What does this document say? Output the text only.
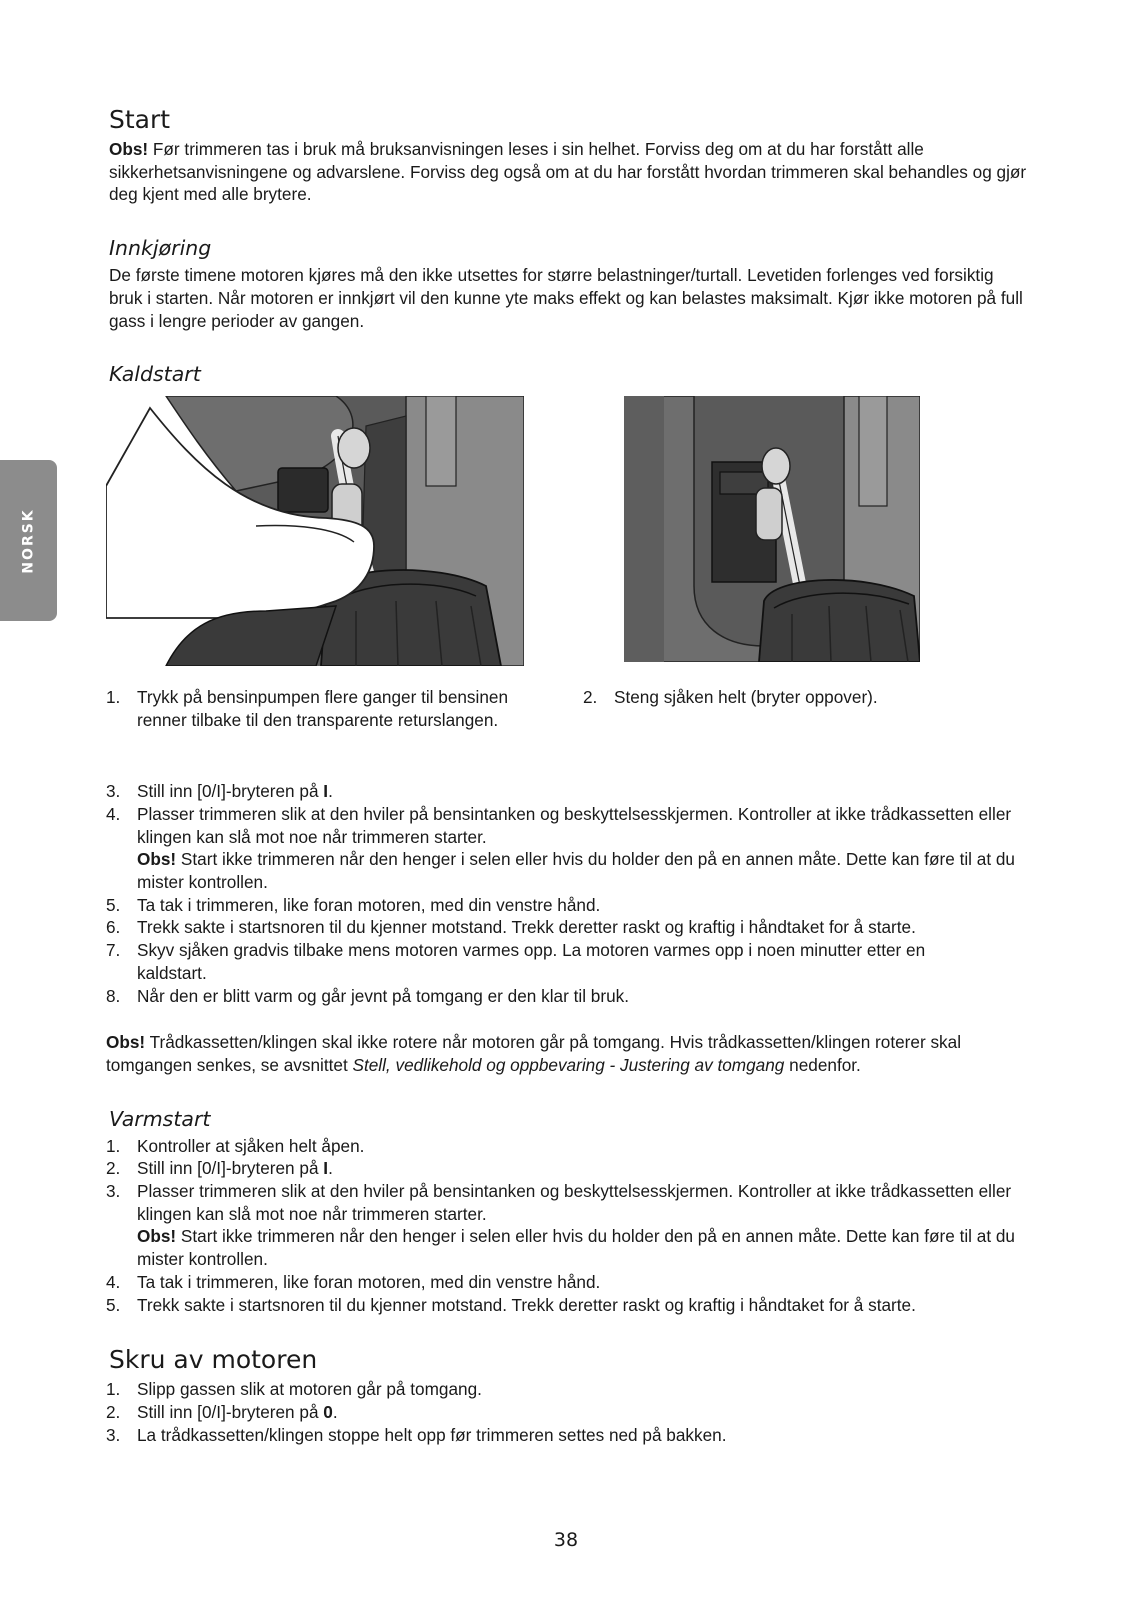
NORSK
Start

Obs! Før trimmeren tas i bruk må bruksanvisningen leses i sin helhet. Forviss deg om at du har forstått alle sikkerhetsanvisningene og advarslene. Forviss deg også om at du har forstått hvordan trimmeren skal behandles og gjør deg kjent med alle brytere.

Innkjøring

De første timene motoren kjøres må den ikke utsettes for større belastninger/turtall. Levetiden forlenges ved forsiktig bruk i starten. Når motoren er innkjørt vil den kunne yte maks effekt og kan belastes maksimalt. Kjør ikke motoren på full gass i lengre perioder av gangen.

Kaldstart
1. Trykk på bensinpumpen flere ganger til bensinen renner tilbake til den transparente returslangen.
2. Steng sjåken helt (bryter oppover).
3. Still inn [0/I]-bryteren på I.
4. Plasser trimmeren slik at den hviler på bensintanken og beskyttelsesskjermen. Kontroller at ikke trådkassetten eller klingen kan slå mot noe når trimmeren starter.
Obs! Start ikke trimmeren når den henger i selen eller hvis du holder den på en annen måte. Dette kan føre til at du mister kontrollen.
5. Ta tak i trimmeren, like foran motoren, med din venstre hånd.
6. Trekk sakte i startsnoren til du kjenner motstand. Trekk deretter raskt og kraftig i håndtaket for å starte.
7. Skyv sjåken gradvis tilbake mens motoren varmes opp. La motoren varmes opp i noen minutter etter en kaldstart.
8. Når den er blitt varm og går jevnt på tomgang er den klar til bruk.

Obs! Trådkassetten/klingen skal ikke rotere når motoren går på tomgang. Hvis trådkassetten/klingen roterer skal tomgangen senkes, se avsnittet Stell, vedlikehold og oppbevaring - Justering av tomgang nedenfor.

Varmstart
1. Kontroller at sjåken helt åpen.
2. Still inn [0/I]-bryteren på I.
3. Plasser trimmeren slik at den hviler på bensintanken og beskyttelsesskjermen. Kontroller at ikke trådkassetten eller klingen kan slå mot noe når trimmeren starter.
Obs! Start ikke trimmeren når den henger i selen eller hvis du holder den på en annen måte. Dette kan føre til at du mister kontrollen.
4. Ta tak i trimmeren, like foran motoren, med din venstre hånd.
5. Trekk sakte i startsnoren til du kjenner motstand. Trekk deretter raskt og kraftig i håndtaket for å starte.
Skru av motoren
1. Slipp gassen slik at motoren går på tomgang.
2. Still inn [0/I]-bryteren på 0.
3. La trådkassetten/klingen stoppe helt opp før trimmeren settes ned på bakken.
38
